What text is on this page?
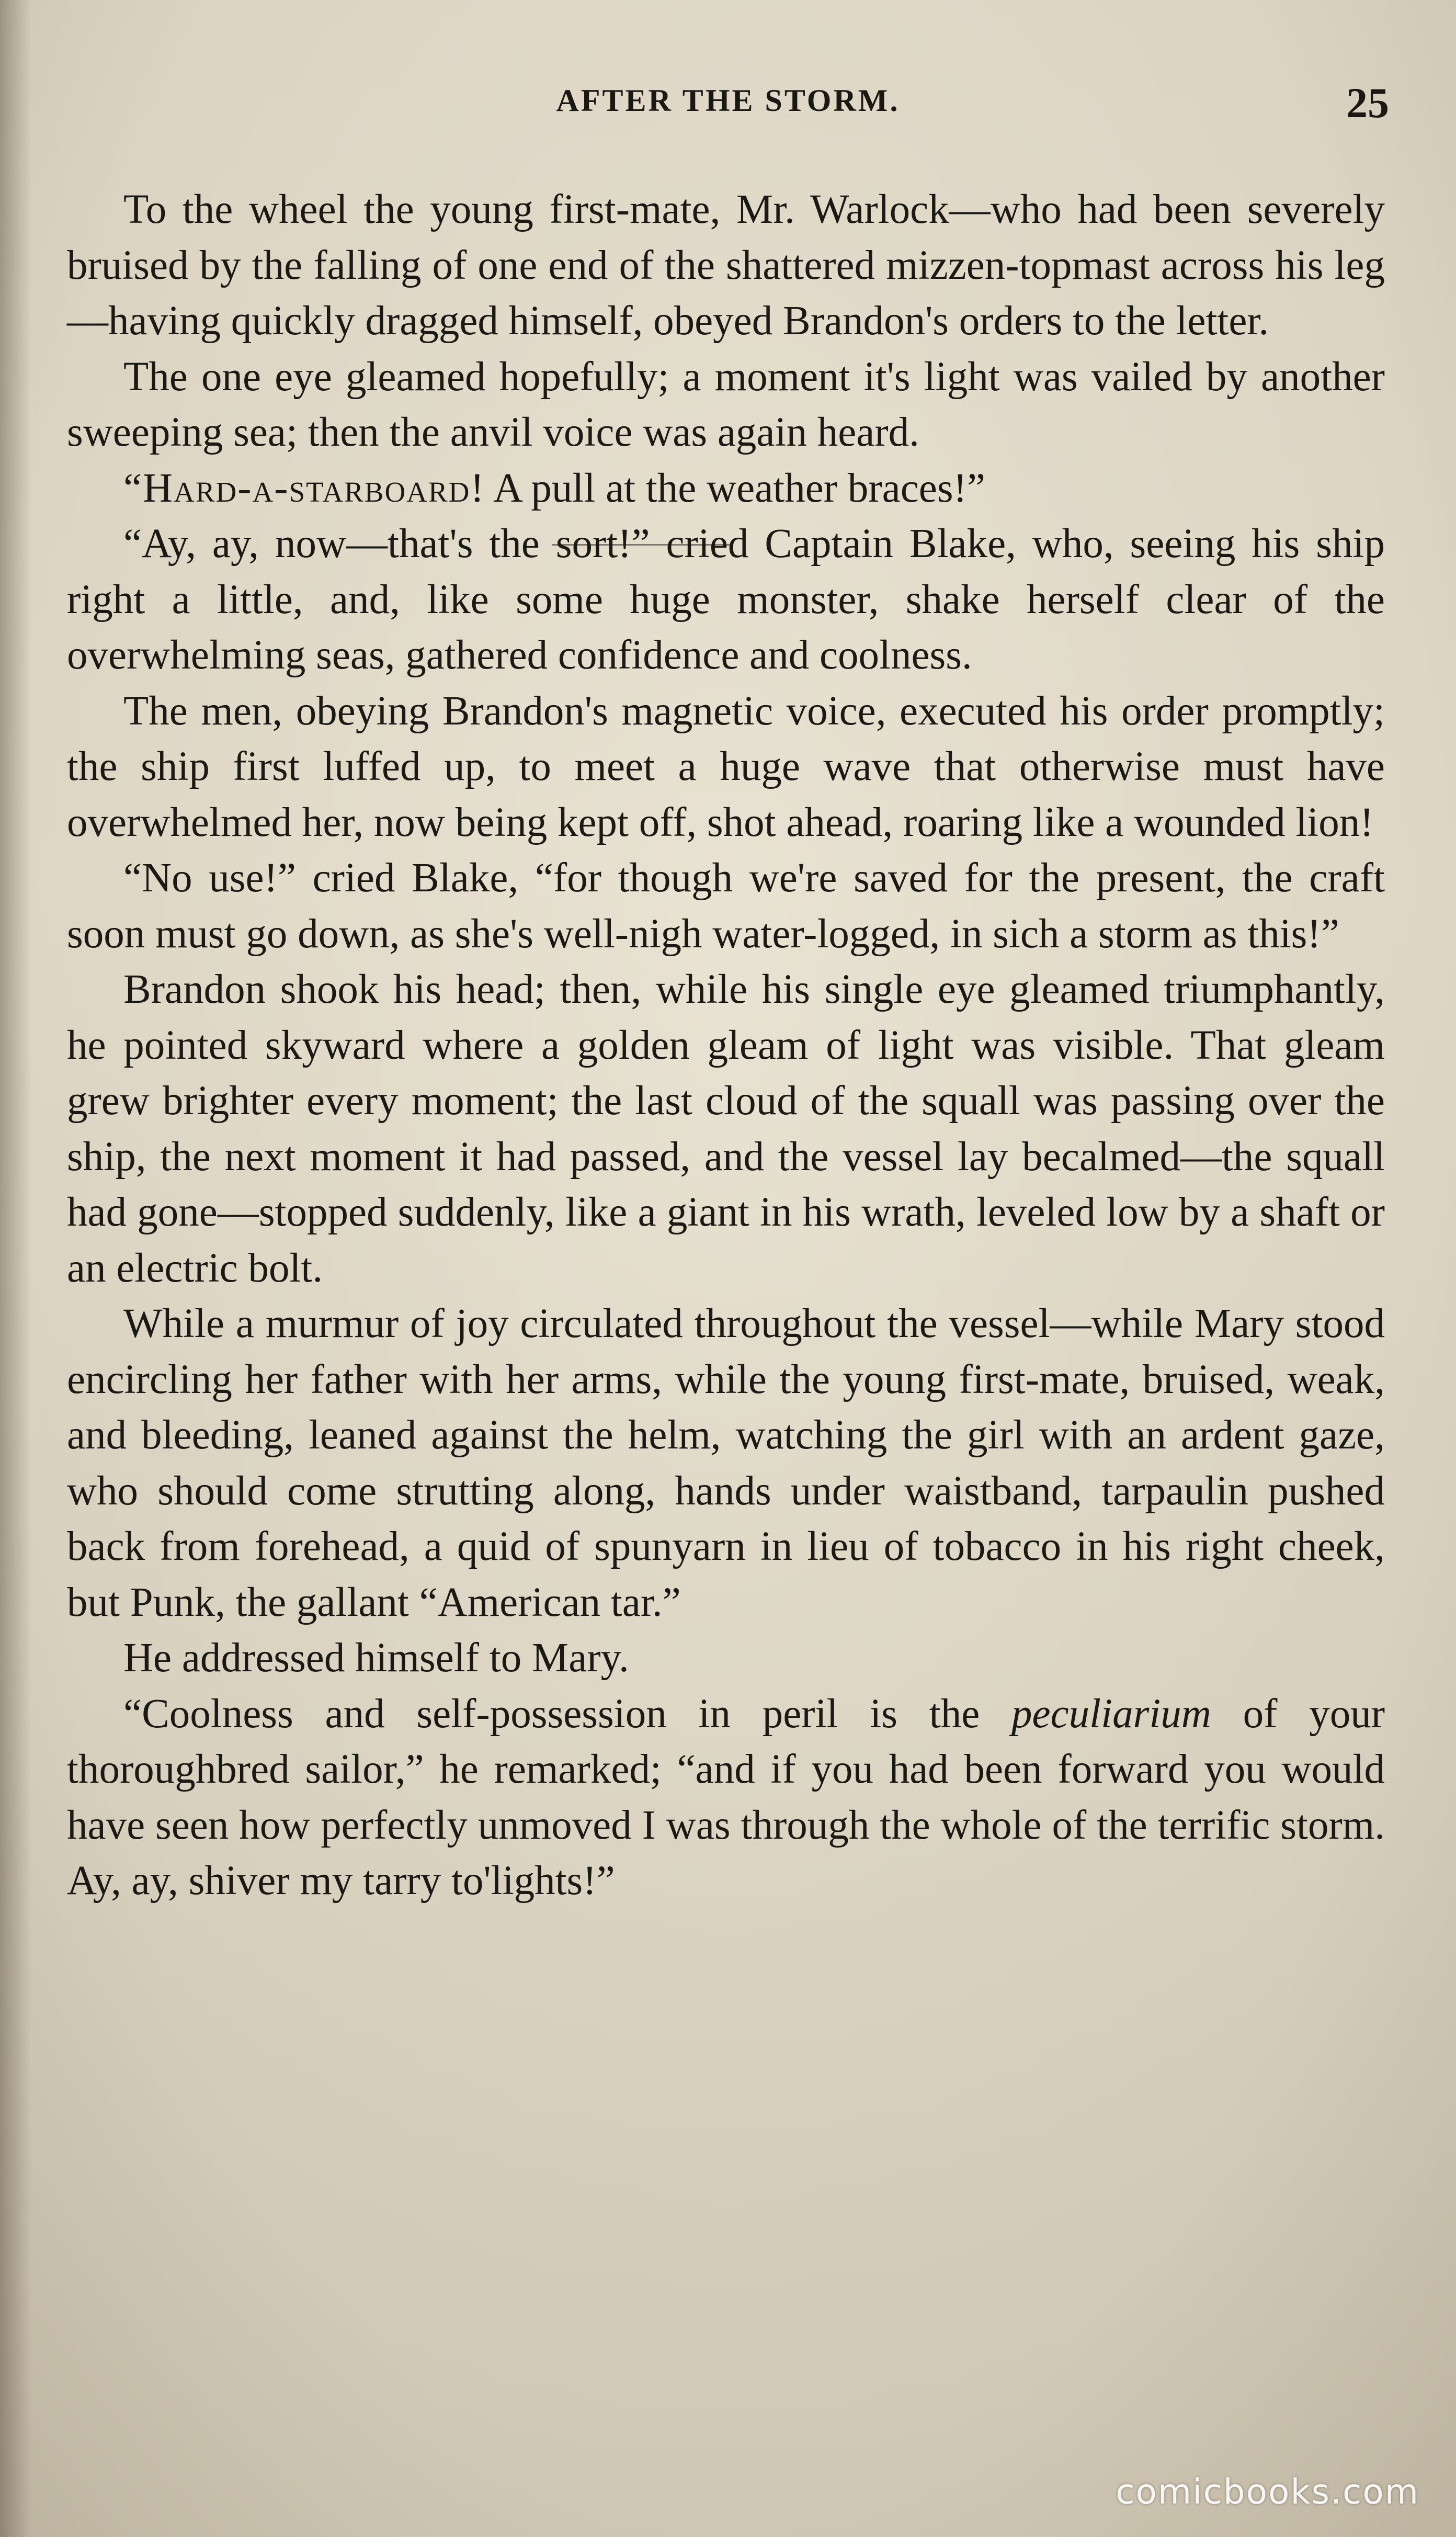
AFTER THE STORM.	25

To the wheel the young first-mate, Mr. Warlock—who had been severely bruised by the falling of one end of the shattered mizzen-topmast across his leg—having quickly dragged himself, obeyed Brandon's orders to the letter.

The one eye gleamed hopefully; a moment it's light was vailed by another sweeping sea; then the anvil voice was again heard.

“Hard-a-starboard! A pull at the weather braces!”

“Ay, ay, now—that's the sort!” cried Captain Blake, who, seeing his ship right a little, and, like some huge monster, shake herself clear of the overwhelming seas, gathered confidence and coolness.

The men, obeying Brandon's magnetic voice, executed his order promptly; the ship first luffed up, to meet a huge wave that otherwise must have overwhelmed her, now being kept off, shot ahead, roaring like a wounded lion!

“No use!” cried Blake, “for though we're saved for the present, the craft soon must go down, as she's well-nigh water-logged, in sich a storm as this!”

Brandon shook his head; then, while his single eye gleamed triumphantly, he pointed skyward where a golden gleam of light was visible. That gleam grew brighter every moment; the last cloud of the squall was passing over the ship, the next moment it had passed, and the vessel lay becalmed—the squall had gone—stopped suddenly, like a giant in his wrath, leveled low by a shaft or an electric bolt.

While a murmur of joy circulated throughout the vessel—while Mary stood encircling her father with her arms, while the young first-mate, bruised, weak, and bleeding, leaned against the helm, watching the girl with an ardent gaze, who should come strutting along, hands under waistband, tarpaulin pushed back from forehead, a quid of spunyarn in lieu of tobacco in his right cheek, but Punk, the gallant “American tar.”

He addressed himself to Mary.

“Coolness and self-possession in peril is the peculiarium of your thoroughbred sailor,” he remarked; “and if you had been forward you would have seen how perfectly unmoved I was through the whole of the terrific storm. Ay, ay, shiver my tarry to'lights!”

comicbooks.com
